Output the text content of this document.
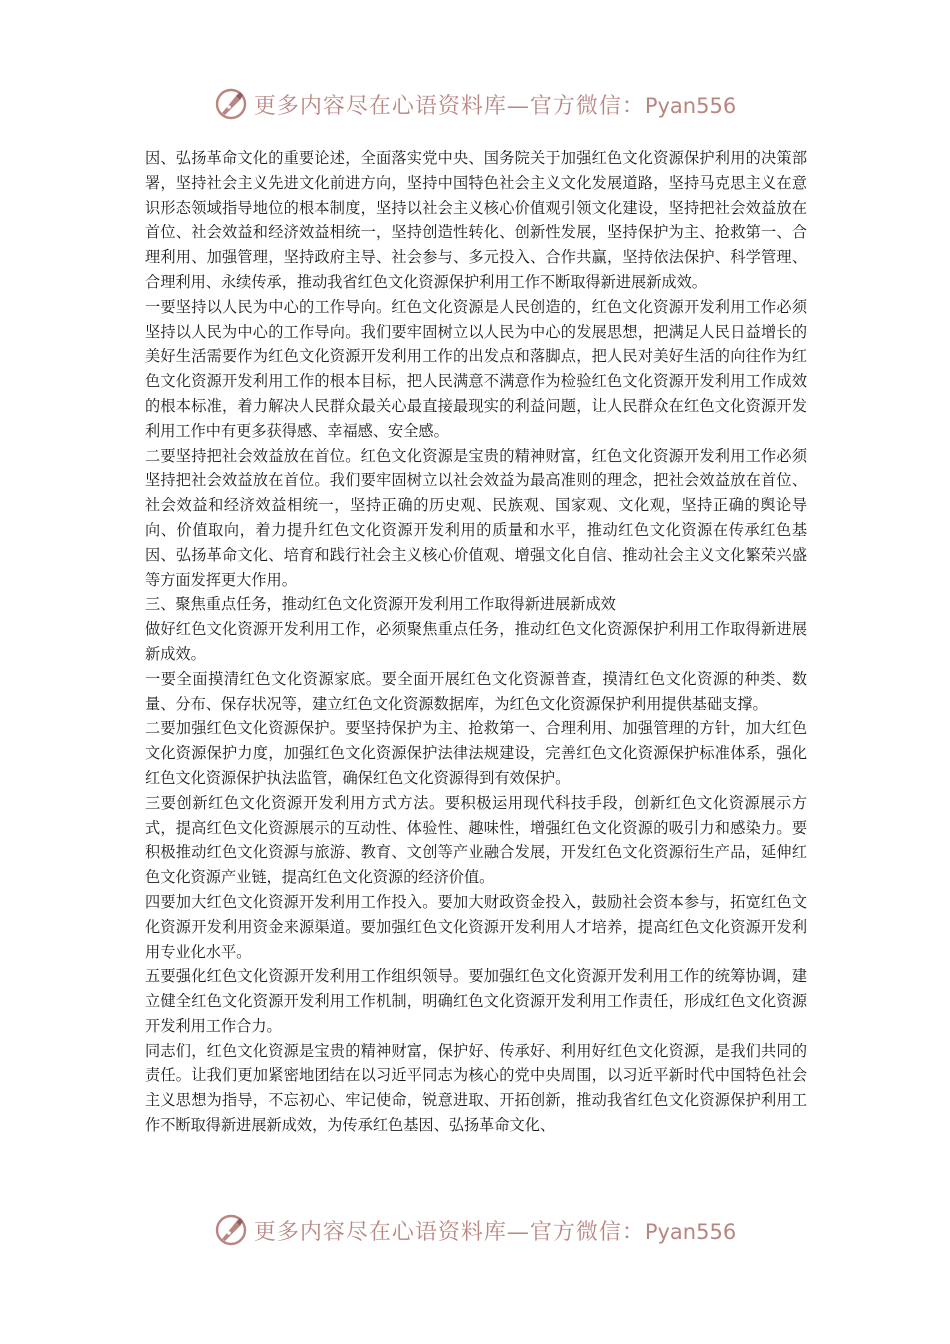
更多内容尽在心语资料库—官方微信：Pyan556

因、弘扬革命文化的重要论述，全面落实党中央、国务院关于加强红色文化资源保护利用的决策部署，坚持社会主义先进文化前进方向，坚持中国特色社会主义文化发展道路，坚持马克思主义在意识形态领域指导地位的根本制度，坚持以社会主义核心价值观引领文化建设，坚持把社会效益放在首位、社会效益和经济效益相统一，坚持创造性转化、创新性发展，坚持保护为主、抢救第一、合理利用、加强管理，坚持政府主导、社会参与、多元投入、合作共赢，坚持依法保护、科学管理、合理利用、永续传承，推动我省红色文化资源保护利用工作不断取得新进展新成效。

一要坚持以人民为中心的工作导向。红色文化资源是人民创造的，红色文化资源开发利用工作必须坚持以人民为中心的工作导向。我们要牢固树立以人民为中心的发展思想，把满足人民日益增长的美好生活需要作为红色文化资源开发利用工作的出发点和落脚点，把人民对美好生活的向往作为红色文化资源开发利用工作的根本目标，把人民满意不满意作为检验红色文化资源开发利用工作成效的根本标准，着力解决人民群众最关心最直接最现实的利益问题，让人民群众在红色文化资源开发利用工作中有更多获得感、幸福感、安全感。

二要坚持把社会效益放在首位。红色文化资源是宝贵的精神财富，红色文化资源开发利用工作必须坚持把社会效益放在首位。我们要牢固树立以社会效益为最高准则的理念，把社会效益放在首位、社会效益和经济效益相统一，坚持正确的历史观、民族观、国家观、文化观，坚持正确的舆论导向、价值取向，着力提升红色文化资源开发利用的质量和水平，推动红色文化资源在传承红色基因、弘扬革命文化、培育和践行社会主义核心价值观、增强文化自信、推动社会主义文化繁荣兴盛等方面发挥更大作用。

三、聚焦重点任务，推动红色文化资源开发利用工作取得新进展新成效

做好红色文化资源开发利用工作，必须聚焦重点任务，推动红色文化资源保护利用工作取得新进展新成效。

一要全面摸清红色文化资源家底。要全面开展红色文化资源普查，摸清红色文化资源的种类、数量、分布、保存状况等，建立红色文化资源数据库，为红色文化资源保护利用提供基础支撑。

二要加强红色文化资源保护。要坚持保护为主、抢救第一、合理利用、加强管理的方针，加大红色文化资源保护力度，加强红色文化资源保护法律法规建设，完善红色文化资源保护标准体系，强化红色文化资源保护执法监管，确保红色文化资源得到有效保护。

三要创新红色文化资源开发利用方式方法。要积极运用现代科技手段，创新红色文化资源展示方式，提高红色文化资源展示的互动性、体验性、趣味性，增强红色文化资源的吸引力和感染力。要积极推动红色文化资源与旅游、教育、文创等产业融合发展，开发红色文化资源衍生产品，延伸红色文化资源产业链，提高红色文化资源的经济价值。

四要加大红色文化资源开发利用工作投入。要加大财政资金投入，鼓励社会资本参与，拓宽红色文化资源开发利用资金来源渠道。要加强红色文化资源开发利用人才培养，提高红色文化资源开发利用专业化水平。

五要强化红色文化资源开发利用工作组织领导。要加强红色文化资源开发利用工作的统筹协调，建立健全红色文化资源开发利用工作机制，明确红色文化资源开发利用工作责任，形成红色文化资源开发利用工作合力。

同志们，红色文化资源是宝贵的精神财富，保护好、传承好、利用好红色文化资源，是我们共同的责任。让我们更加紧密地团结在以习近平同志为核心的党中央周围，以习近平新时代中国特色社会主义思想为指导，不忘初心、牢记使命，锐意进取、开拓创新，推动我省红色文化资源保护利用工作不断取得新进展新成效，为传承红色基因、弘扬革命文化、

更多内容尽在心语资料库—官方微信：Pyan556
